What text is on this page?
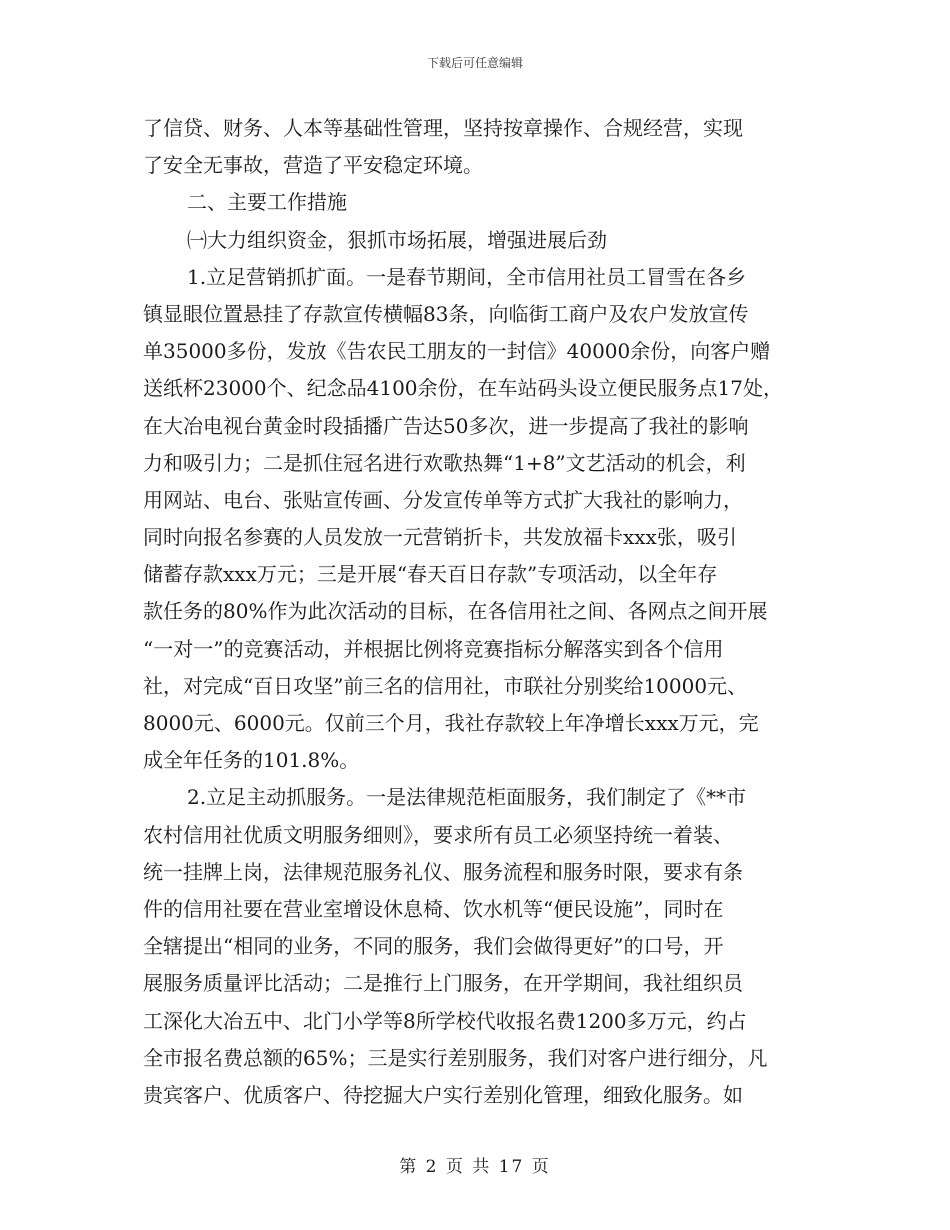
下载后可任意编辑
了信贷、财务、人本等基础性管理，坚持按章操作、合规经营，实现
了安全无事故，营造了平安稳定环境。
二、主要工作措施
㈠大力组织资金，狠抓市场拓展，增强进展后劲
1.立足营销抓扩面。一是春节期间，全市信用社员工冒雪在各乡
镇显眼位置悬挂了存款宣传横幅83条，向临街工商户及农户发放宣传
单35000多份，发放《告农民工朋友的一封信》40000余份，向客户赠
送纸杯23000个、纪念品4100余份，在车站码头设立便民服务点17处，
在大冶电视台黄金时段插播广告达50多次，进一步提高了我社的影响
力和吸引力；二是抓住冠名进行欢歌热舞“1+8”文艺活动的机会，利
用网站、电台、张贴宣传画、分发宣传单等方式扩大我社的影响力，
同时向报名参赛的人员发放一元营销折卡，共发放福卡xxx张，吸引
储蓄存款xxx万元；三是开展“春天百日存款”专项活动，以全年存
款任务的80%作为此次活动的目标，在各信用社之间、各网点之间开展
“一对一”的竞赛活动，并根据比例将竞赛指标分解落实到各个信用
社，对完成“百日攻坚”前三名的信用社，市联社分别奖给10000元、
8000元、6000元。仅前三个月，我社存款较上年净增长xxx万元，完
成全年任务的101.8%。
2.立足主动抓服务。一是法律规范柜面服务，我们制定了《**市
农村信用社优质文明服务细则》，要求所有员工必须坚持统一着装、
统一挂牌上岗，法律规范服务礼仪、服务流程和服务时限，要求有条
件的信用社要在营业室增设休息椅、饮水机等“便民设施”，同时在
全辖提出“相同的业务，不同的服务，我们会做得更好”的口号，开
展服务质量评比活动；二是推行上门服务，在开学期间，我社组织员
工深化大冶五中、北门小学等8所学校代收报名费1200多万元，约占
全市报名费总额的65%；三是实行差别服务，我们对客户进行细分，凡
贵宾客户、优质客户、待挖掘大户实行差别化管理，细致化服务。如
第 2 页 共 17 页
